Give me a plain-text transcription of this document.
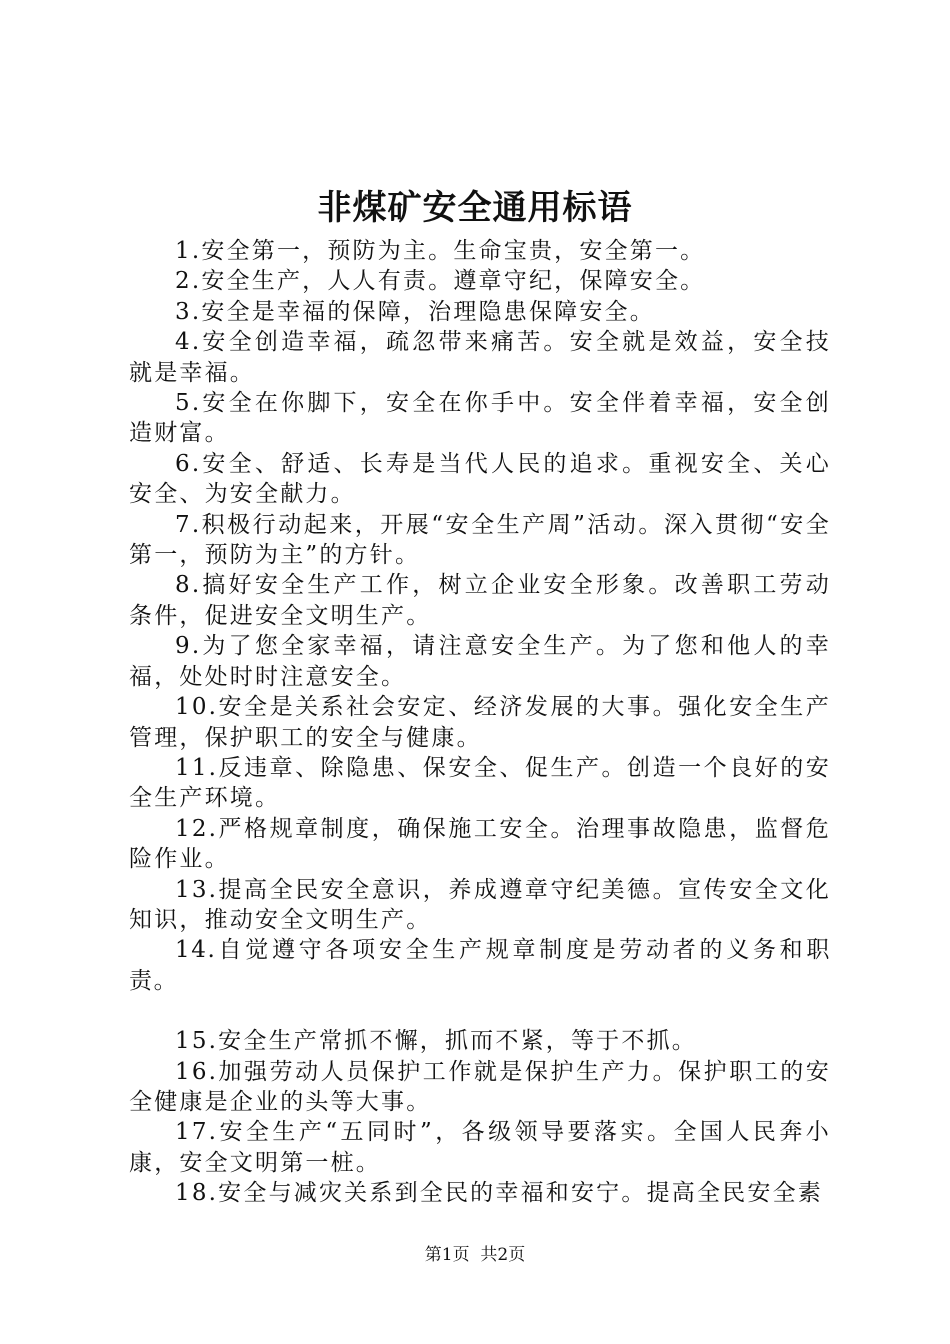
非煤矿安全通用标语

1.安全第一，预防为主。生命宝贵，安全第一。

2.安全生产，人人有责。遵章守纪，保障安全。

3.安全是幸福的保障，治理隐患保障安全。

4.安全创造幸福，疏忽带来痛苦。安全就是效益，安全技就是幸福。

5.安全在你脚下，安全在你手中。安全伴着幸福，安全创造财富。

6.安全、舒适、长寿是当代人民的追求。重视安全、关心安全、为安全献力。

7.积极行动起来，开展“安全生产周”活动。深入贯彻“安全第一，预防为主”的方针。

8.搞好安全生产工作，树立企业安全形象。改善职工劳动条件，促进安全文明生产。

9.为了您全家幸福，请注意安全生产。为了您和他人的幸福，处处时时注意安全。

10.安全是关系社会安定、经济发展的大事。强化安全生产管理，保护职工的安全与健康。

11.反违章、除隐患、保安全、促生产。创造一个良好的安全生产环境。

12.严格规章制度，确保施工安全。治理事故隐患，监督危险作业。

13.提高全民安全意识，养成遵章守纪美德。宣传安全文化知识，推动安全文明生产。

14.自觉遵守各项安全生产规章制度是劳动者的义务和职责。

15.安全生产常抓不懈，抓而不紧，等于不抓。

16.加强劳动人员保护工作就是保护生产力。保护职工的安全健康是企业的头等大事。

17.安全生产“五同时”，各级领导要落实。全国人民奔小康，安全文明第一桩。

18.安全与减灾关系到全民的幸福和安宁。提高全民安全素

第1页  共2页
